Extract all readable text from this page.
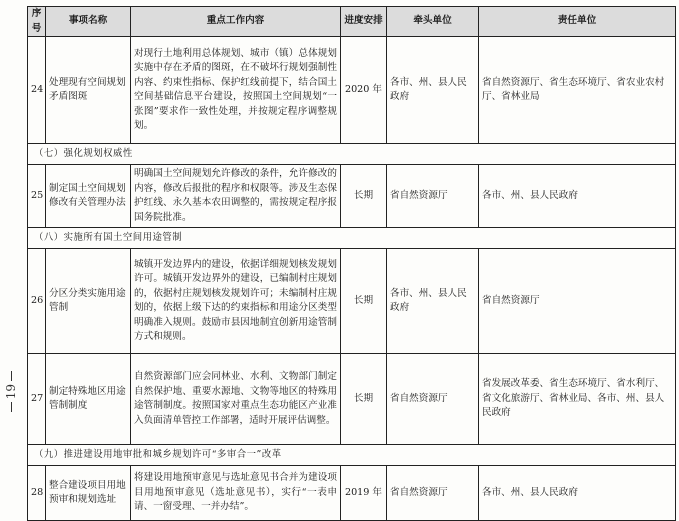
19
序号	事项名称	重点工作内容	进度安排	牵头单位	责任单位
24	处理现有空间规划矛盾图斑	对现行土地利用总体规划、城市（镇）总体规划实施中存在矛盾的图斑，在不破坏行规划强制性内容、约束性指标、保护红线前提下，结合国土空间基础信息平台建设，按照国土空间规划“一张图”要求作一致性处理，并按规定程序调整规划。	2020 年	各市、州、县人民政府	省自然资源厅、省生态环境厅、省农业农村厅、省林业局
（七）强化规划权威性					
25	制定国土空间规划修改有关管理办法	明确国土空间规划允许修改的条件，允许修改的内容，修改后报批的程序和权限等。涉及生态保护红线、永久基本农田调整的，需按规定程序报国务院批准。	长期	省自然资源厅	各市、州、县人民政府
（八）实施所有国土空间用途管制					
26	分区分类实施用途管制	城镇开发边界内的建设，依据详细规划核发规划许可。城镇开发边界外的建设，已编制村庄规划的，依据村庄规划核发规划许可；未编制村庄规划的，依据上级下达的约束指标和用途分区类型明确准入规则。鼓励市县因地制宜创新用途管制方式和规则。	长期	各市、州、县人民政府	省自然资源厅
27	制定特殊地区用途管制制度	自然资源部门应会同林业、水利、文物部门制定自然保护地、重要水源地、文物等地区的特殊用途管制制度。按照国家对重点生态功能区产业准入负面清单管控工作部署，适时开展评估调整。	长期	省自然资源厅	省发展改革委、省生态环境厅、省水利厅、省文化旅游厅、省林业局、各市、州、县人民政府
（九）推进建设用地审批和城乡规划许可“多审合一”改革					
28	整合建设项目用地预审和规划选址	将建设用地预审意见与选址意见书合并为建设项目用地预审意见（选址意见书），实行“一表申请、一窗受理、一并办结”。	2019 年	省自然资源厅	各市、州、县人民政府
